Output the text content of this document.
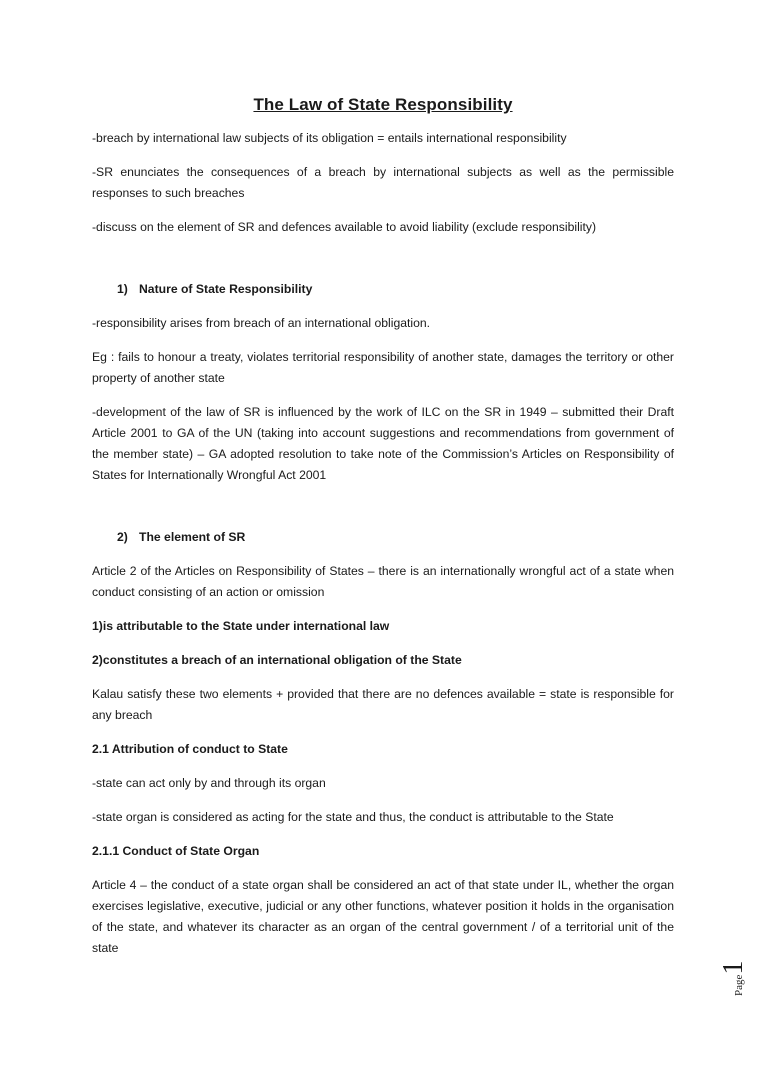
The Law of State Responsibility

-breach by international law subjects of its obligation = entails international responsibility

-SR enunciates the consequences of a breach by international subjects as well as the permissible responses to such breaches

-discuss on the element of SR and defences available to avoid liability (exclude responsibility)

1) Nature of State Responsibility

-responsibility arises from breach of an international obligation.

Eg : fails to honour a treaty, violates territorial responsibility of another state, damages the territory or other property of another state

-development of the law of SR is influenced by the work of ILC on the SR in 1949 – submitted their Draft Article 2001 to GA of the UN (taking into account suggestions and recommendations from government of the member state) – GA adopted resolution to take note of the Commission’s Articles on Responsibility of States for Internationally Wrongful Act 2001

2) The element of SR

Article 2 of the Articles on Responsibility of States – there is an internationally wrongful act of a state when conduct consisting of an action or omission

1)is attributable to the State under international law

2)constitutes a breach of an international obligation of the State

Kalau satisfy these two elements + provided that there are no defences available = state is responsible for any breach

2.1 Attribution of conduct to State

-state can act only by and through its organ

-state organ is considered as acting for the state and thus, the conduct is attributable to the State

2.1.1 Conduct of State Organ

Article 4 – the conduct of a state organ shall be considered an act of that state under IL, whether the organ exercises legislative, executive, judicial or any other functions, whatever position it holds in the organisation of the state, and whatever its character as an organ of the central government / of a territorial unit of the state

Page1
